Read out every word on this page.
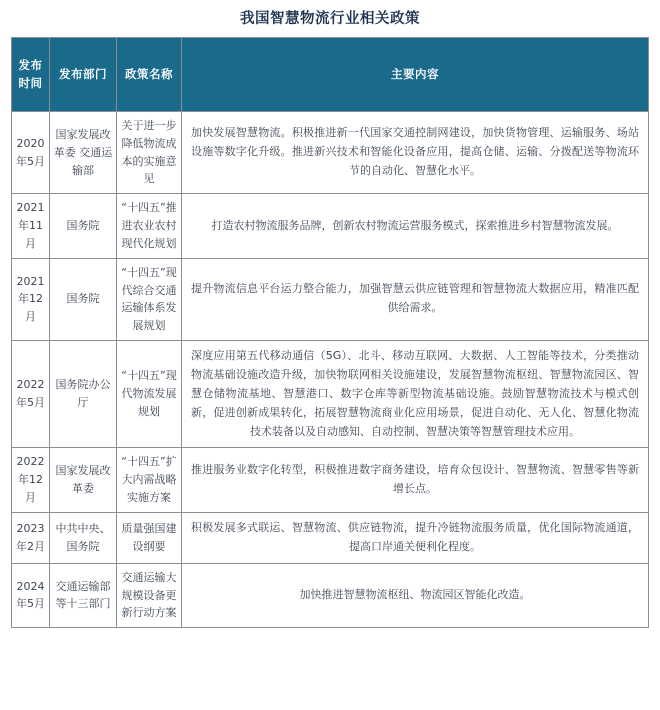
我国智慧物流行业相关政策
发布时间	发布部门	政策名称	主要内容
2020年5月	国家发展改革委 交通运输部	关于进一步降低物流成本的实施意见	加快发展智慧物流。积极推进新一代国家交通控制网建设，加快货物管理、运输服务、场站设施等数字化升级。推进新兴技术和智能化设备应用，提高仓储、运输、分拨配送等物流环节的自动化、智慧化水平。
2021年11月	国务院	“十四五”推进农业农村现代化规划	打造农村物流服务品牌，创新农村物流运营服务模式，探索推进乡村智慧物流发展。
2021年12月	国务院	“十四五”现代综合交通运输体系发展规划	提升物流信息平台运力整合能力，加强智慧云供应链管理和智慧物流大数据应用，精准匹配供给需求。
2022年5月	国务院办公厅	“十四五”现代物流发展规划	深度应用第五代移动通信（5G）、北斗、移动互联网、大数据、人工智能等技术，分类推动物流基础设施改造升级，加快物联网相关设施建设，发展智慧物流枢纽、智慧物流园区、智慧仓储物流基地、智慧港口、数字仓库等新型物流基础设施。鼓励智慧物流技术与模式创新，促进创新成果转化，拓展智慧物流商业化应用场景，促进自动化、无人化、智慧化物流技术装备以及自动感知、自动控制、智慧决策等智慧管理技术应用。
2022年12月	国家发展改革委	“十四五”扩大内需战略实施方案	推进服务业数字化转型，积极推进数字商务建设，培育众包设计、智慧物流、智慧零售等新增长点。
2023年2月	中共中央、国务院	质量强国建设纲要	积极发展多式联运、智慧物流、供应链物流，提升冷链物流服务质量，优化国际物流通道，提高口岸通关便利化程度。
2024年5月	交通运输部等十三部门	交通运输大规模设备更新行动方案	加快推进智慧物流枢纽、物流园区智能化改造。
